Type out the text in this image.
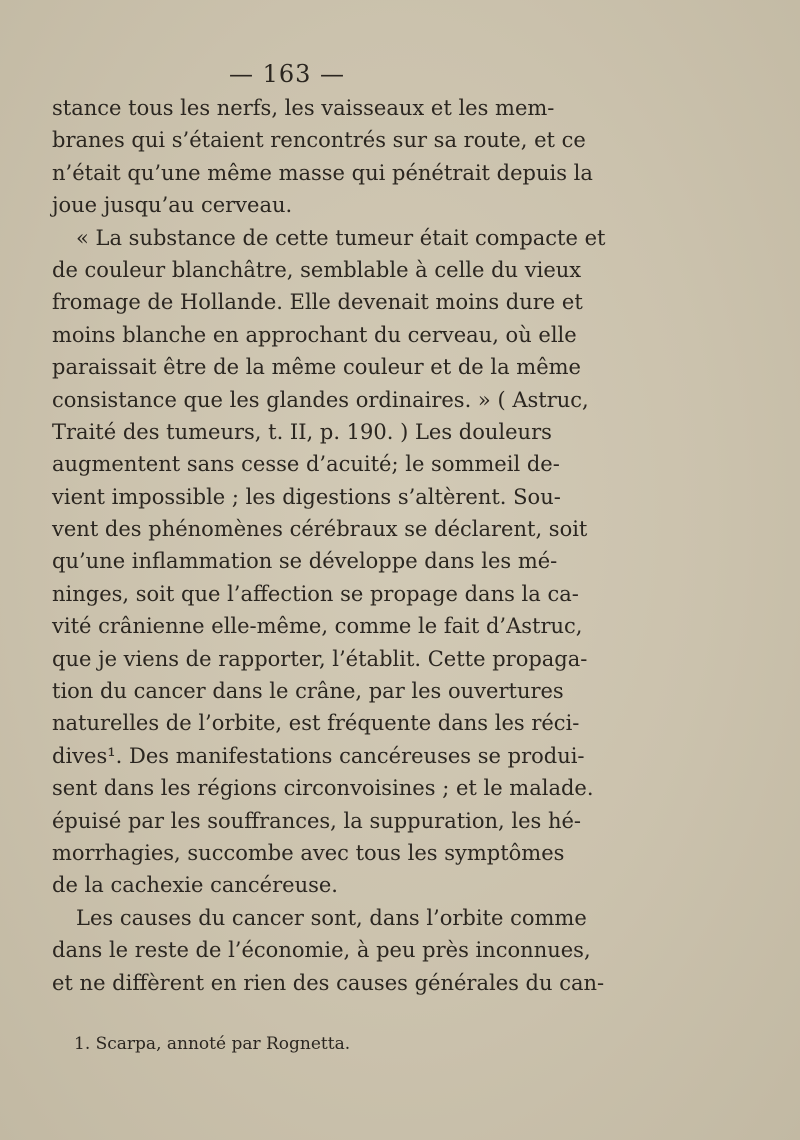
— 163 —
stance tous les nerfs, les vaisseaux et les mem-
branes qui s’étaient rencontrés sur sa route, et ce
n’était qu’une même masse qui pénétrait depuis la
joue jusqu’au cerveau.
« La substance de cette tumeur était compacte et
de couleur blanchâtre, semblable à celle du vieux
fromage de Hollande. Elle devenait moins dure et
moins blanche en approchant du cerveau, où elle
paraissait être de la même couleur et de la même
consistance que les glandes ordinaires. » ( Astruc,
Traité des tumeurs, t. II, p. 190. ) Les douleurs
augmentent sans cesse d’acuité; le sommeil de-
vient impossible ; les digestions s’altèrent. Sou-
vent des phénomènes cérébraux se déclarent, soit
qu’une inflammation se développe dans les mé-
ninges, soit que l’affection se propage dans la ca-
vité crânienne elle-même, comme le fait d’Astruc,
que je viens de rapporter, l’établit. Cette propaga-
tion du cancer dans le crâne, par les ouvertures
naturelles de l’orbite, est fréquente dans les réci-
dives¹. Des manifestations cancéreuses se produi-
sent dans les régions circonvoisines ; et le malade.
épuisé par les souffrances, la suppuration, les hé-
morrhagies, succombe avec tous les symptômes
de la cachexie cancéreuse.
Les causes du cancer sont, dans l’orbite comme
dans le reste de l’économie, à peu près inconnues,
et ne diffèrent en rien des causes générales du can-
1. Scarpa, annoté par Rognetta.
